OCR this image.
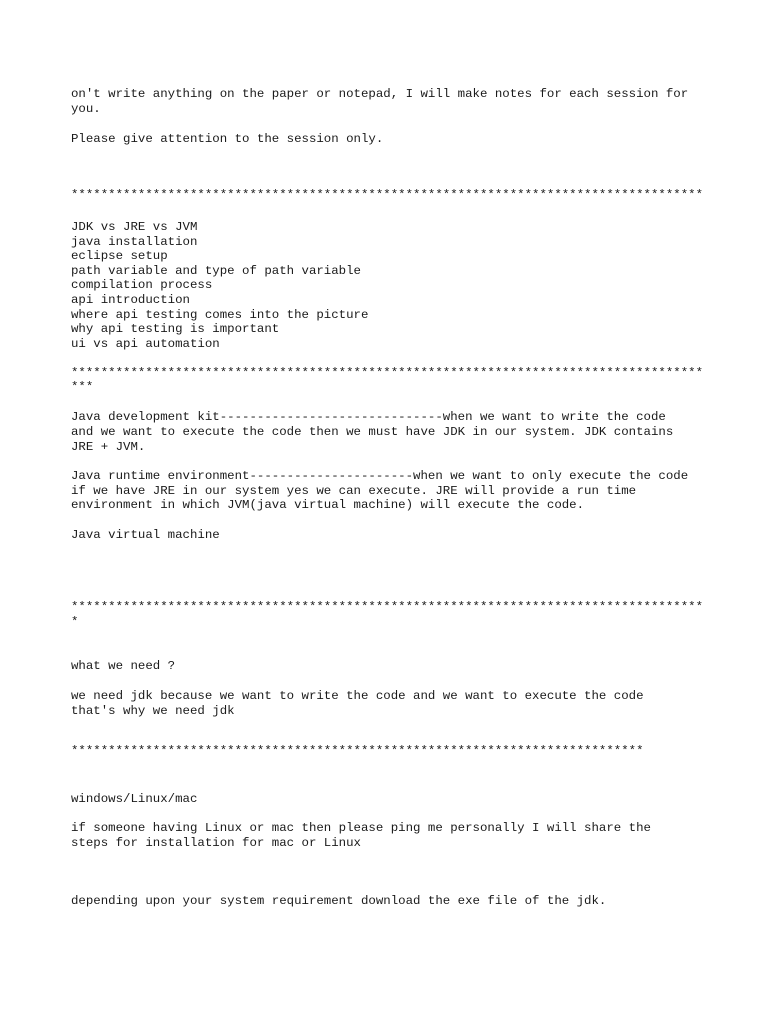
on't write anything on the paper or notepad, I will make notes for each session for

you.

Please give attention to the session only.

*************************************************************************************

JDK vs JRE vs JVM

java installation

eclipse setup

path variable and type of path variable

compilation process

api introduction

where api testing comes into the picture

why api testing is important

ui vs api automation

*************************************************************************************

***

Java development kit------------------------------when we want to write the code

and we want to execute the code then we must have JDK in our system. JDK contains

JRE + JVM.

Java runtime environment----------------------when we want to only execute the code

if we have JRE in our system yes we can execute. JRE will provide a run time

environment in which JVM(java virtual machine) will execute the code.

Java virtual machine

*************************************************************************************

*

what we need ?

we need jdk because we want to write the code and we want to execute the code

that's why we need jdk

*****************************************************************************

windows/Linux/mac

if someone having Linux or mac then please ping me personally I will share the

steps for installation for mac or Linux

depending upon your system requirement download the exe file of the jdk.
